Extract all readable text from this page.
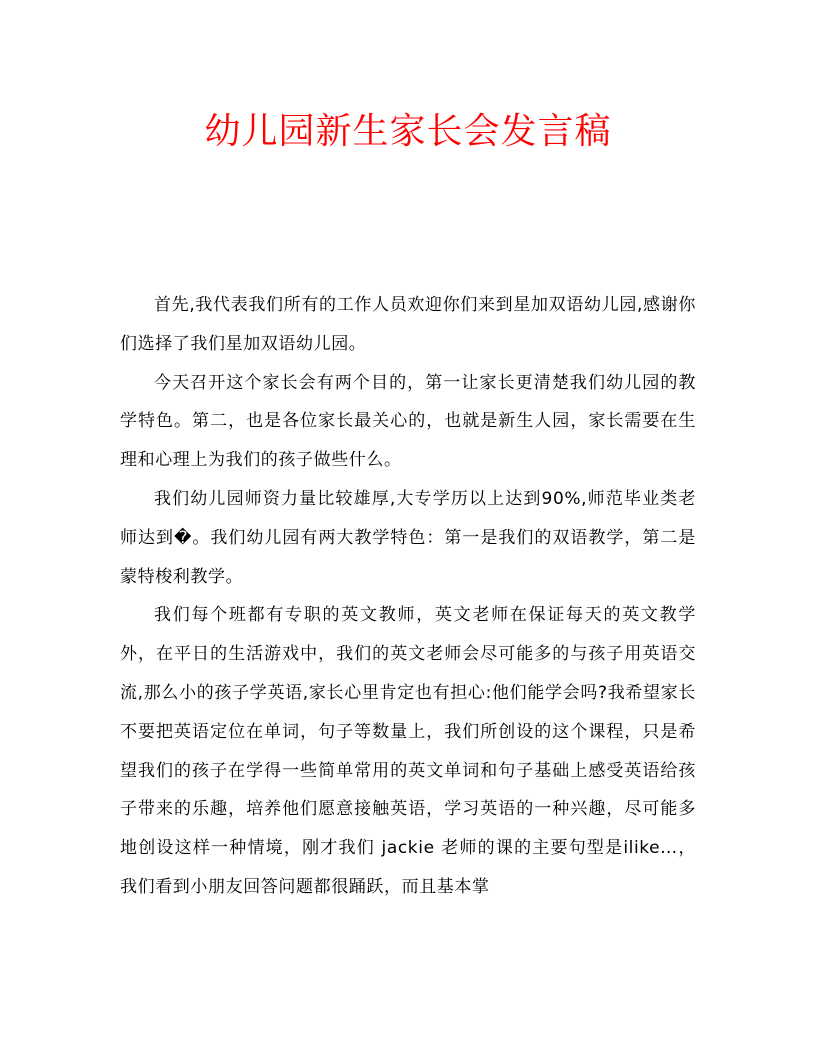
幼儿园新生家长会发言稿

首先,我代表我们所有的工作人员欢迎你们来到星加双语幼儿园,感谢你们选择了我们星加双语幼儿园。

今天召开这个家长会有两个目的，第一让家长更清楚我们幼儿园的教学特色。第二，也是各位家长最关心的，也就是新生人园，家长需要在生理和心理上为我们的孩子做些什么。

我们幼儿园师资力量比较雄厚,大专学历以上达到90%,师范毕业类老师达到�。我们幼儿园有两大教学特色：第一是我们的双语教学，第二是蒙特梭利教学。

我们每个班都有专职的英文教师，英文老师在保证每天的英文教学外，在平日的生活游戏中，我们的英文老师会尽可能多的与孩子用英语交流,那么小的孩子学英语,家长心里肯定也有担心:他们能学会吗?我希望家长不要把英语定位在单词，句子等数量上，我们所创设的这个课程，只是希望我们的孩子在学得一些简单常用的英文单词和句子基础上感受英语给孩子带来的乐趣，培养他们愿意接触英语，学习英语的一种兴趣，尽可能多地创设这样一种情境，刚才我们 jackie 老师的课的主要句型是ilike…，我们看到小朋友回答问题都很踊跃，而且基本掌
